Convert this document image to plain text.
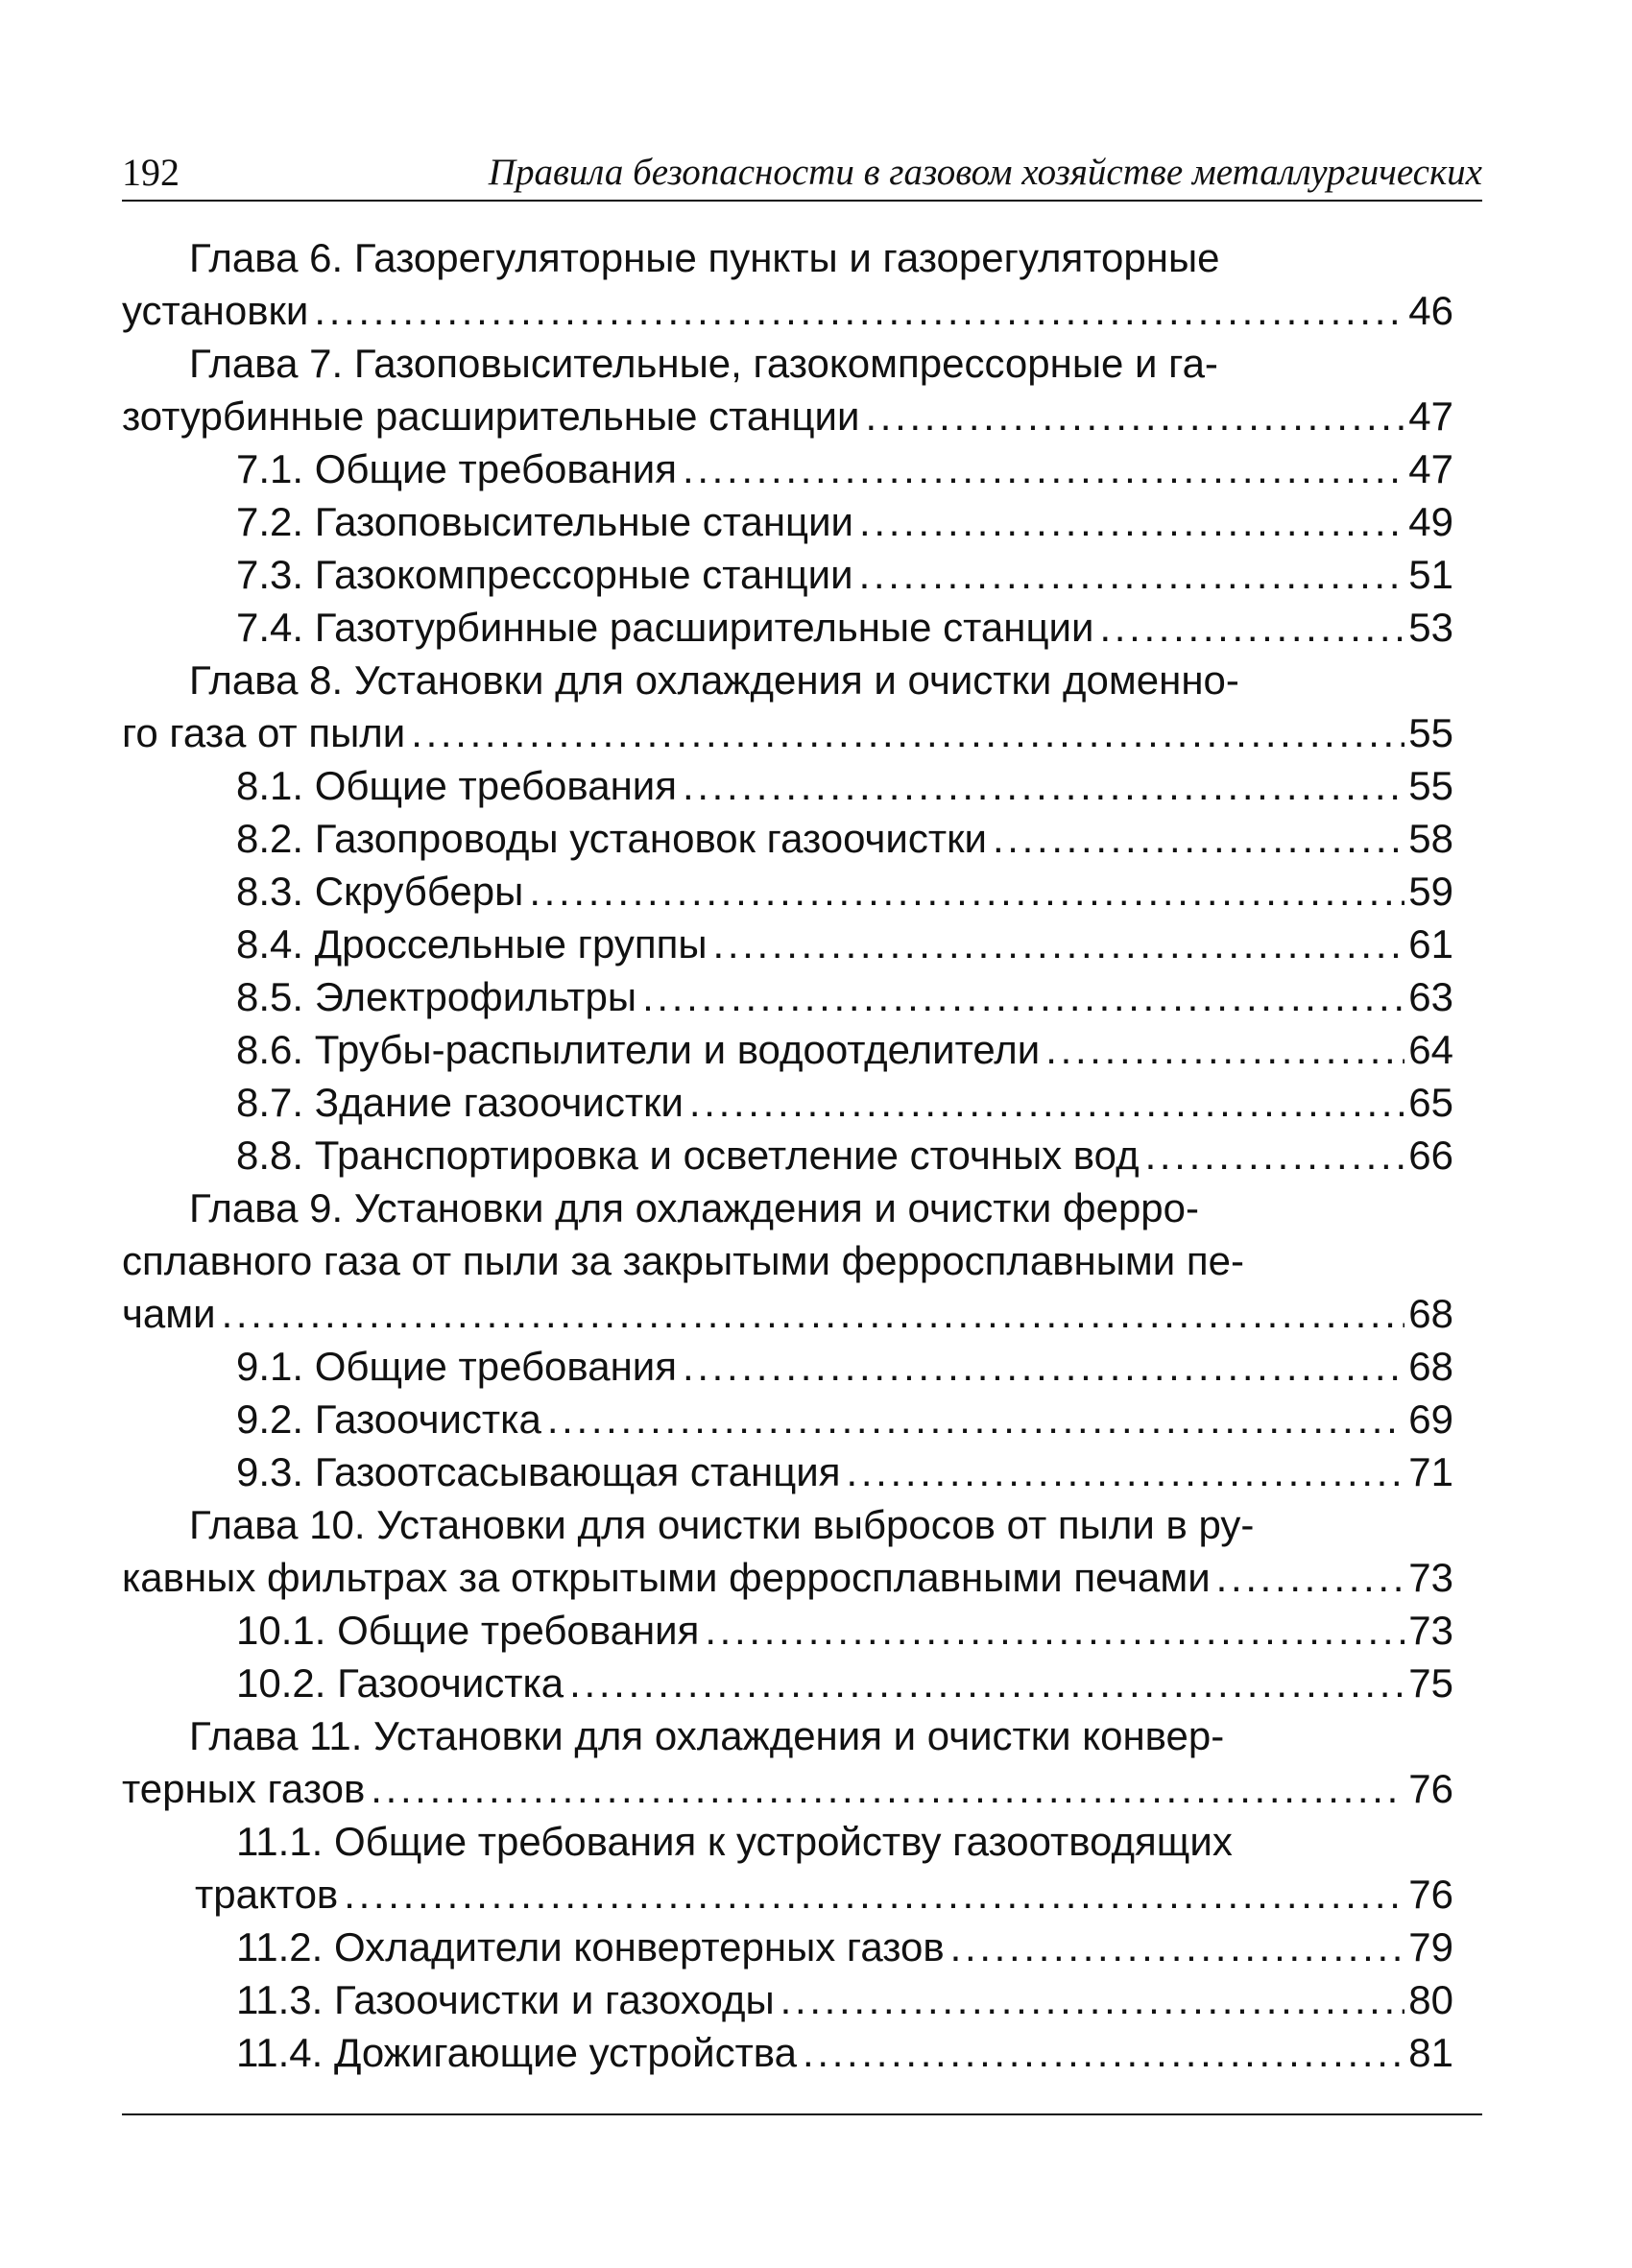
192	Правила безопасности в газовом хозяйстве металлургических
Глава 6. Газорегуляторные пункты и газорегуляторные
установки . . .	46
Глава 7. Газоповысительные, газокомпрессорные и га-
зотурбинные расширительные станции . . .	47
7.1. Общие требования . . .	47
7.2. Газоповысительные станции . . .	49
7.3. Газокомпрессорные станции . . .	51
7.4. Газотурбинные расширительные станции . . .	53
Глава 8. Установки для охлаждения и очистки доменно-
го газа от пыли . . .	55
8.1. Общие требования . . .	55
8.2. Газопроводы установок газоочистки . . .	58
8.3. Скрубберы . . .	59
8.4. Дроссельные группы . . .	61
8.5. Электрофильтры . . .	63
8.6. Трубы-распылители и водоотделители . . .	64
8.7. Здание газоочистки . . .	65
8.8. Транспортировка и осветление сточных вод . . .	66
Глава 9. Установки для охлаждения и очистки ферро-
сплавного газа от пыли за закрытыми ферросплавными пе-
чами . . .	68
9.1. Общие требования . . .	68
9.2. Газоочистка . . .	69
9.3. Газоотсасывающая станция . . .	71
Глава 10. Установки для очистки выбросов от пыли в ру-
кавных фильтрах за открытыми ферросплавными печами . . .	73
10.1. Общие требования . . .	73
10.2. Газоочистка . . .	75
Глава 11. Установки для охлаждения и очистки конвер-
терных газов . . .	76
11.1. Общие требования к устройству газоотводящих
трактов . . .	76
11.2. Охладители конвертерных газов . . .	79
11.3. Газоочистки и газоходы . . .	80
11.4. Дожигающие устройства . . .	81
